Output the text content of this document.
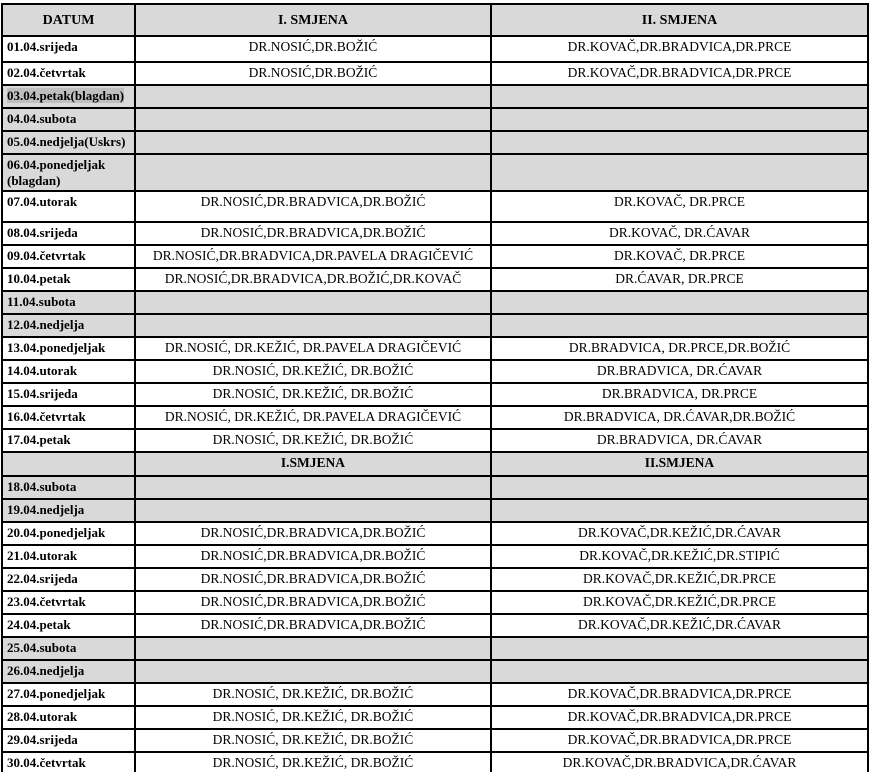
DATUM	I. SMJENA	II. SMJENA
01.04.srijeda	DR.NOSIĆ,DR.BOŽIĆ	DR.KOVAČ,DR.BRADVICA,DR.PRCE
02.04.četvrtak	DR.NOSIĆ,DR.BOŽIĆ	DR.KOVAČ,DR.BRADVICA,DR.PRCE
03.04.petak(blagdan)		
04.04.subota		
05.04.nedjelja(Uskrs)		
06.04.ponedjeljak (blagdan)		
07.04.utorak	DR.NOSIĆ,DR.BRADVICA,DR.BOŽIĆ	DR.KOVAČ, DR.PRCE
08.04.srijeda	DR.NOSIĆ,DR.BRADVICA,DR.BOŽIĆ	DR.KOVAČ, DR.ĆAVAR
09.04.četvrtak	DR.NOSIĆ,DR.BRADVICA,DR.PAVELA DRAGIČEVIĆ	DR.KOVAČ, DR.PRCE
10.04.petak	DR.NOSIĆ,DR.BRADVICA,DR.BOŽIĆ,DR.KOVAČ	DR.ĆAVAR, DR.PRCE
11.04.subota		
12.04.nedjelja		
13.04.ponedjeljak	DR.NOSIĆ, DR.KEŽIĆ, DR.PAVELA DRAGIČEVIĆ	DR.BRADVICA, DR.PRCE,DR.BOŽIĆ
14.04.utorak	DR.NOSIĆ, DR.KEŽIĆ, DR.BOŽIĆ	DR.BRADVICA, DR.ĆAVAR
15.04.srijeda	DR.NOSIĆ, DR.KEŽIĆ, DR.BOŽIĆ	DR.BRADVICA, DR.PRCE
16.04.četvrtak	DR.NOSIĆ, DR.KEŽIĆ, DR.PAVELA DRAGIČEVIĆ	DR.BRADVICA, DR.ĆAVAR,DR.BOŽIĆ
17.04.petak	DR.NOSIĆ, DR.KEŽIĆ, DR.BOŽIĆ	DR.BRADVICA, DR.ĆAVAR
	I.SMJENA	II.SMJENA
18.04.subota		
19.04.nedjelja		
20.04.ponedjeljak	DR.NOSIĆ,DR.BRADVICA,DR.BOŽIĆ	DR.KOVAČ,DR.KEŽIĆ,DR.ĆAVAR
21.04.utorak	DR.NOSIĆ,DR.BRADVICA,DR.BOŽIĆ	DR.KOVAČ,DR.KEŽIĆ,DR.STIPIĆ
22.04.srijeda	DR.NOSIĆ,DR.BRADVICA,DR.BOŽIĆ	DR.KOVAČ,DR.KEŽIĆ,DR.PRCE
23.04.četvrtak	DR.NOSIĆ,DR.BRADVICA,DR.BOŽIĆ	DR.KOVAČ,DR.KEŽIĆ,DR.PRCE
24.04.petak	DR.NOSIĆ,DR.BRADVICA,DR.BOŽIĆ	DR.KOVAČ,DR.KEŽIĆ,DR.ĆAVAR
25.04.subota		
26.04.nedjelja		
27.04.ponedjeljak	DR.NOSIĆ, DR.KEŽIĆ, DR.BOŽIĆ	DR.KOVAČ,DR.BRADVICA,DR.PRCE
28.04.utorak	DR.NOSIĆ, DR.KEŽIĆ, DR.BOŽIĆ	DR.KOVAČ,DR.BRADVICA,DR.PRCE
29.04.srijeda	DR.NOSIĆ, DR.KEŽIĆ, DR.BOŽIĆ	DR.KOVAČ,DR.BRADVICA,DR.PRCE
30.04.četvrtak	DR.NOSIĆ, DR.KEŽIĆ, DR.BOŽIĆ	DR.KOVAČ,DR.BRADVICA,DR.ĆAVAR
